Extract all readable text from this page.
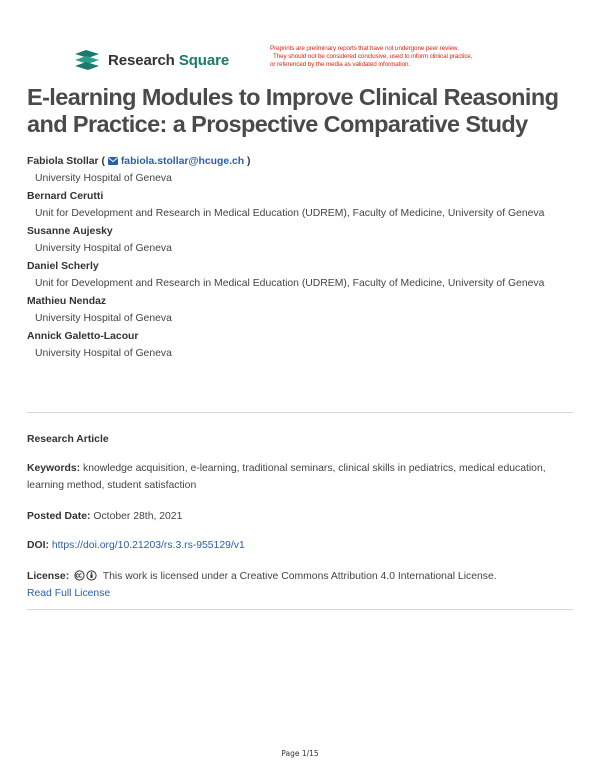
Research Square
Preprints are preliminary reports that have not undergone peer review.
They should not be considered conclusive, used to inform clinical practice,
or referenced by the media as validated information.
E-learning Modules to Improve Clinical Reasoning and Practice: a Prospective Comparative Study
Fabiola Stollar ( fabiola.stollar@hcuge.ch )
University Hospital of Geneva
Bernard Cerutti
Unit for Development and Research in Medical Education (UDREM), Faculty of Medicine, University of Geneva
Susanne Aujesky
University Hospital of Geneva
Daniel Scherly
Unit for Development and Research in Medical Education (UDREM), Faculty of Medicine, University of Geneva
Mathieu Nendaz
University Hospital of Geneva
Annick Galetto-Lacour
University Hospital of Geneva
Research Article
Keywords: knowledge acquisition, e-learning, traditional seminars, clinical skills in pediatrics, medical education, learning method, student satisfaction
Posted Date: October 28th, 2021
DOI: https://doi.org/10.21203/rs.3.rs-955129/v1
License:	This work is licensed under a Creative Commons Attribution 4.0 International License.
Read Full License
Page 1/15
